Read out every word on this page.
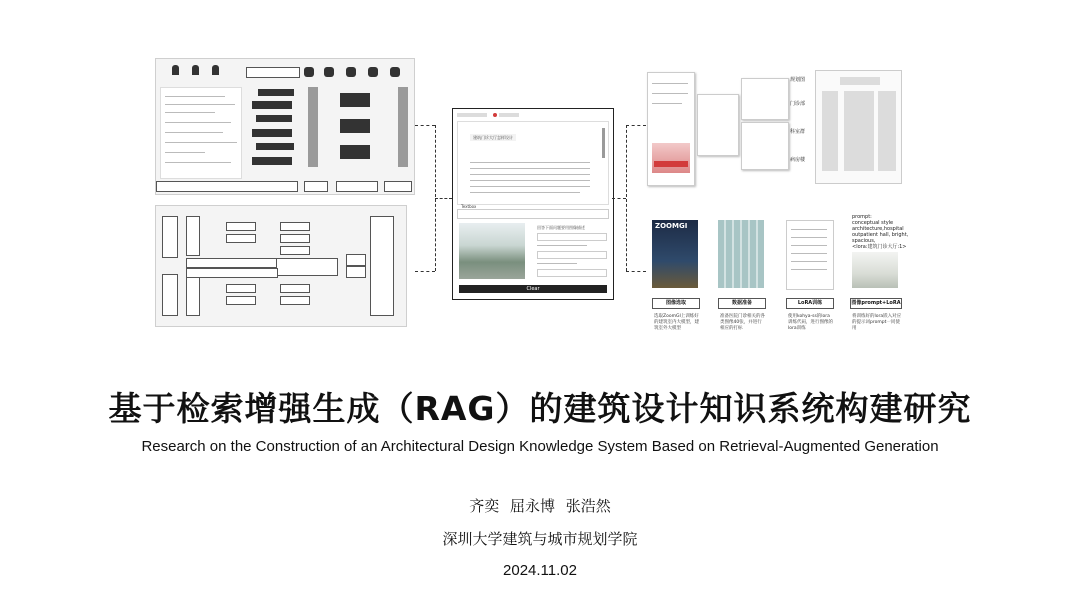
建筑门诊大厅怎样设计
Textbox
回答下面问题要用图像描述
Clear
规划图
门诊部
科室群
病房楼
ZOOMGI
prompt:
conceptual style
architecture,hospital
outpatient hall, bright,
spacious,
<lora:建筑门诊大厅:1>
图像选取	数据准备	LoRA训练	图像prompt+LoRA
选取ZoomGI上训练好的建筑室内大模型，建筑室外大模型
准备医院门诊相关的各类图像40张，并进行相应的打标
使用kohya-ss的lora训练代码，进行图像的lora训练
将训练好的lora嵌入对应的提示词prompt一同使用
基于检索增强生成（RAG）的建筑设计知识系统构建研究
Research on the Construction of an Architectural Design Knowledge System Based on Retrieval-Augmented Generation
齐奕 屈永博 张浩然
深圳大学建筑与城市规划学院
2024.11.02
